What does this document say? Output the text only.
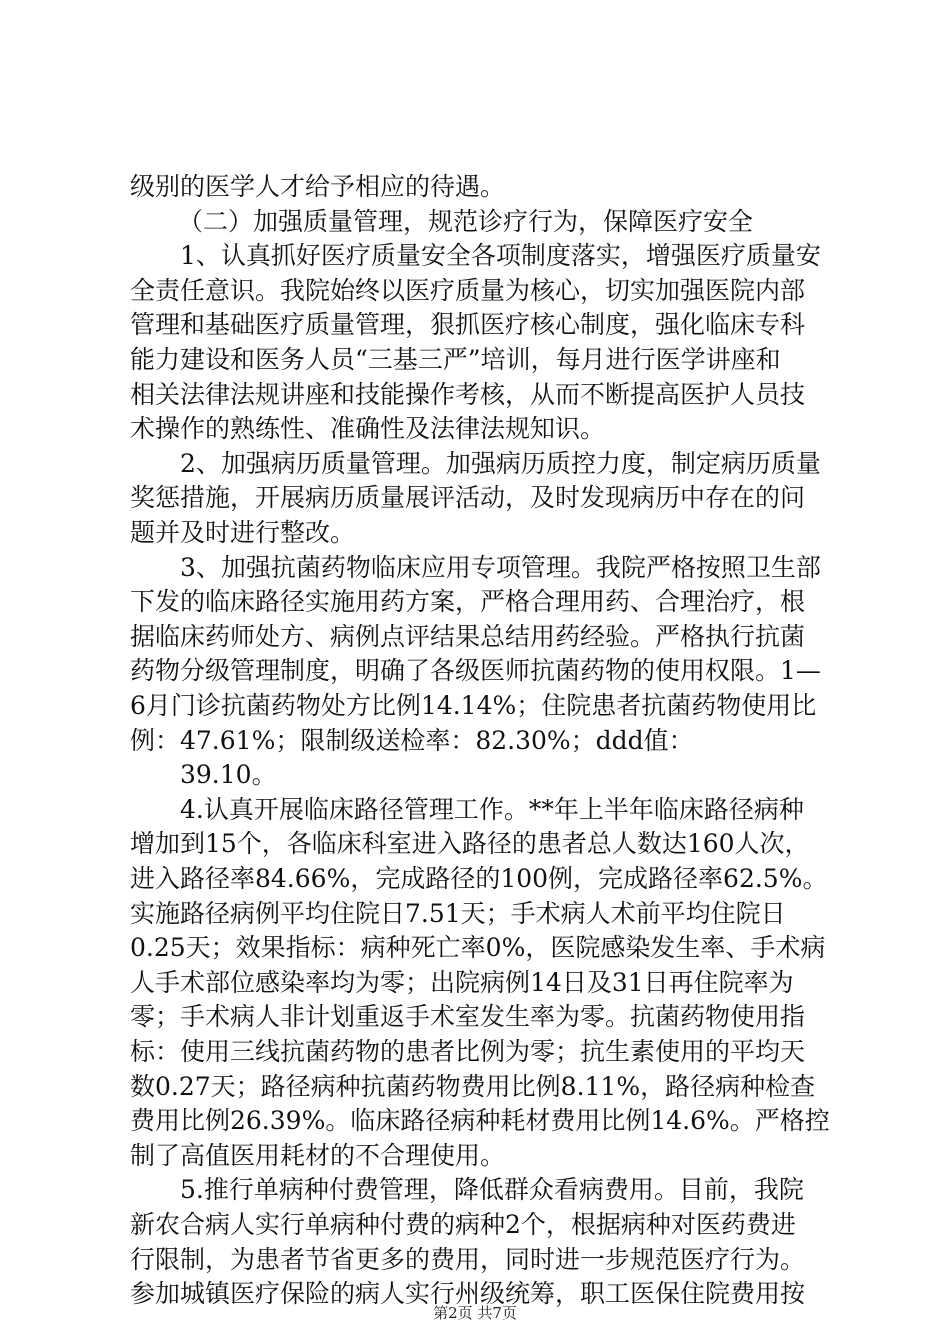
级别的医学人才给予相应的待遇。
（二）加强质量管理，规范诊疗行为，保障医疗安全
1、认真抓好医疗质量安全各项制度落实，增强医疗质量安
全责任意识。我院始终以医疗质量为核心，切实加强医院内部
管理和基础医疗质量管理，狠抓医疗核心制度，强化临床专科
能力建设和医务人员“三基三严”培训，每月进行医学讲座和
相关法律法规讲座和技能操作考核，从而不断提高医护人员技
术操作的熟练性、准确性及法律法规知识。
2、加强病历质量管理。加强病历质控力度，制定病历质量
奖惩措施，开展病历质量展评活动，及时发现病历中存在的问
题并及时进行整改。
3、加强抗菌药物临床应用专项管理。我院严格按照卫生部
下发的临床路径实施用药方案，严格合理用药、合理治疗，根
据临床药师处方、病例点评结果总结用药经验。严格执行抗菌
药物分级管理制度，明确了各级医师抗菌药物的使用权限。1—
6月门诊抗菌药物处方比例14.14%；住院患者抗菌药物使用比
例：47.61%；限制级送检率：82.30%；ddd值：
39.10。
4.认真开展临床路径管理工作。**年上半年临床路径病种
增加到15个，各临床科室进入路径的患者总人数达160人次，
进入路径率84.66%，完成路径的100例，完成路径率62.5%。
实施路径病例平均住院日7.51天；手术病人术前平均住院日
0.25天；效果指标：病种死亡率0%，医院感染发生率、手术病
人手术部位感染率均为零；出院病例14日及31日再住院率为
零；手术病人非计划重返手术室发生率为零。抗菌药物使用指
标：使用三线抗菌药物的患者比例为零；抗生素使用的平均天
数0.27天；路径病种抗菌药物费用比例8.11%，路径病种检查
费用比例26.39%。临床路径病种耗材费用比例14.6%。严格控
制了高值医用耗材的不合理使用。
5.推行单病种付费管理，降低群众看病费用。目前，我院
新农合病人实行单病种付费的病种2个，根据病种对医药费进
行限制，为患者节省更多的费用，同时进一步规范医疗行为。
参加城镇医疗保险的病人实行州级统筹，职工医保住院费用按
第2页 共7页
